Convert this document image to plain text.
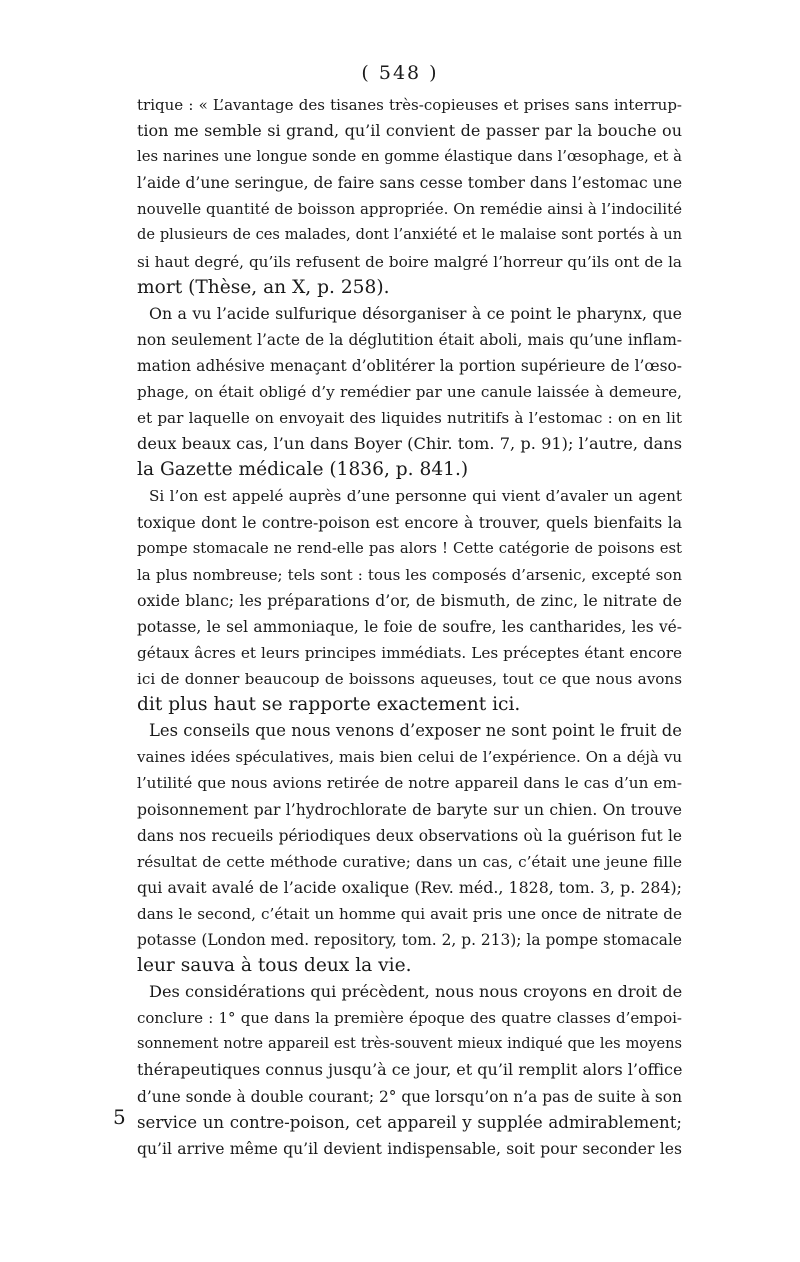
( 548 )
trique : « L’avantage des tisanes très-copieuses et prises sans interrup-
tion me semble si grand, qu’il convient de passer par la bouche ou
les narines une longue sonde en gomme élastique dans l’œsophage, et à
l’aide d’une seringue, de faire sans cesse tomber dans l’estomac une
nouvelle quantité de boisson appropriée. On remédie ainsi à l’indocilité
de plusieurs de ces malades, dont l’anxiété et le malaise sont portés à un
si haut degré, qu’ils refusent de boire malgré l’horreur qu’ils ont de la
mort (Thèse, an X, p. 258).
On a vu l’acide sulfurique désorganiser à ce point le pharynx, que
non seulement l’acte de la déglutition était aboli, mais qu’une inflam-
mation adhésive menaçant d’oblitérer la portion supérieure de l’œso-
phage, on était obligé d’y remédier par une canule laissée à demeure,
et par laquelle on envoyait des liquides nutritifs à l’estomac : on en lit
deux beaux cas, l’un dans Boyer (Chir. tom. 7, p. 91); l’autre, dans
la Gazette médicale (1836, p. 841.)
Si l’on est appelé auprès d’une personne qui vient d’avaler un agent
toxique dont le contre-poison est encore à trouver, quels bienfaits la
pompe stomacale ne rend-elle pas alors ! Cette catégorie de poisons est
la plus nombreuse; tels sont : tous les composés d’arsenic, excepté son
oxide blanc; les préparations d’or, de bismuth, de zinc, le nitrate de
potasse, le sel ammoniaque, le foie de soufre, les cantharides, les vé-
gétaux âcres et leurs principes immédiats. Les préceptes étant encore
ici de donner beaucoup de boissons aqueuses, tout ce que nous avons
dit plus haut se rapporte exactement ici.
Les conseils que nous venons d’exposer ne sont point le fruit de
vaines idées spéculatives, mais bien celui de l’expérience. On a déjà vu
l’utilité que nous avions retirée de notre appareil dans le cas d’un em-
poisonnement par l’hydrochlorate de baryte sur un chien. On trouve
dans nos recueils périodiques deux observations où la guérison fut le
résultat de cette méthode curative; dans un cas, c’était une jeune fille
qui avait avalé de l’acide oxalique (Rev. méd., 1828, tom. 3, p. 284);
dans le second, c’était un homme qui avait pris une once de nitrate de
potasse (London med. repository, tom. 2, p. 213); la pompe stomacale
leur sauva à tous deux la vie.
Des considérations qui précèdent, nous nous croyons en droit de
conclure : 1° que dans la première époque des quatre classes d’empoi-
sonnement notre appareil est très-souvent mieux indiqué que les moyens
thérapeutiques connus jusqu’à ce jour, et qu’il remplit alors l’office
d’une sonde à double courant; 2° que lorsqu’on n’a pas de suite à son
service un contre-poison, cet appareil y supplée admirablement;
qu’il arrive même qu’il devient indispensable, soit pour seconder les
5
